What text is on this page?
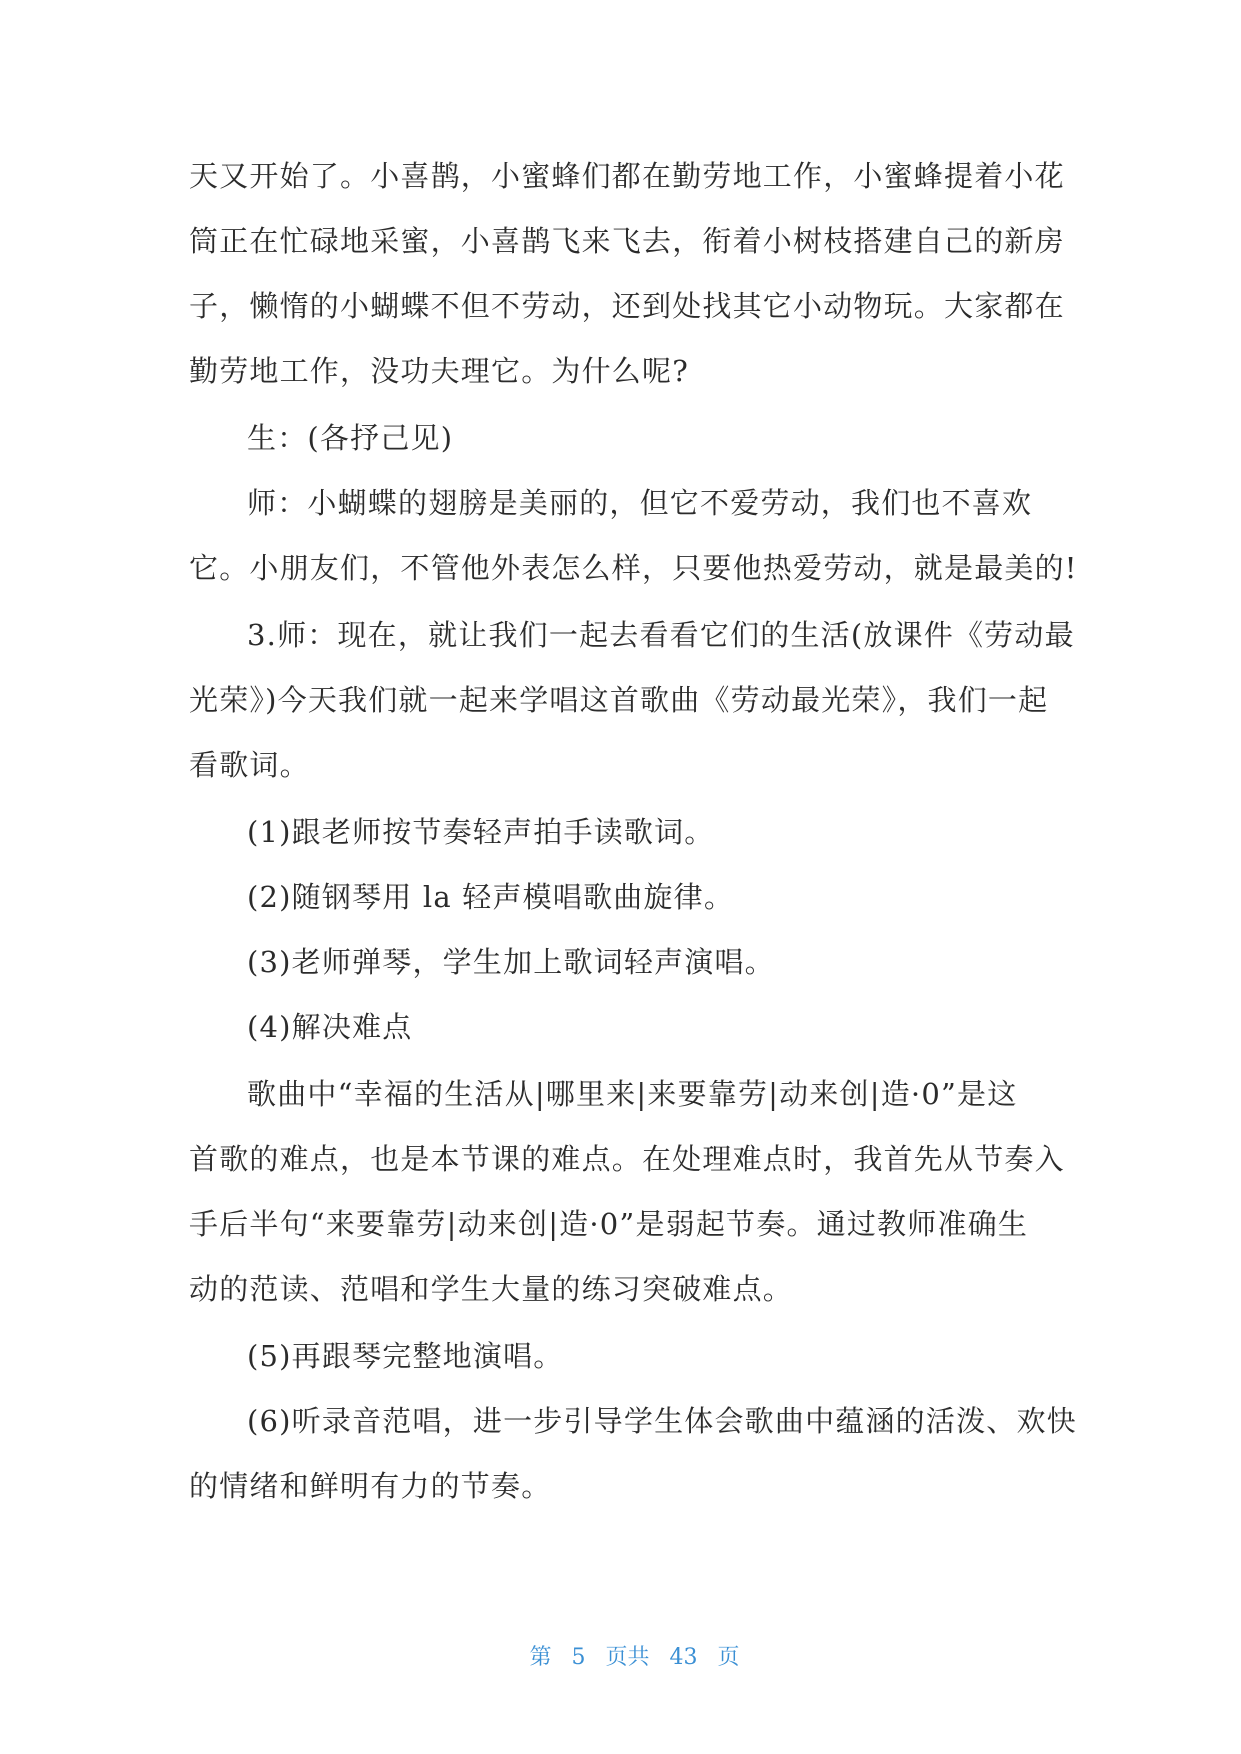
天又开始了。小喜鹊，小蜜蜂们都在勤劳地工作，小蜜蜂提着小花
筒正在忙碌地采蜜，小喜鹊飞来飞去，衔着小树枝搭建自己的新房
子，懒惰的小蝴蝶不但不劳动，还到处找其它小动物玩。大家都在
勤劳地工作，没功夫理它。为什么呢?
生：(各抒己见)
师：小蝴蝶的翅膀是美丽的，但它不爱劳动，我们也不喜欢
它。小朋友们，不管他外表怎么样，只要他热爱劳动，就是最美的!
3.师：现在，就让我们一起去看看它们的生活(放课件《劳动最
光荣》)今天我们就一起来学唱这首歌曲《劳动最光荣》，我们一起
看歌词。
(1)跟老师按节奏轻声拍手读歌词。
(2)随钢琴用 la 轻声模唱歌曲旋律。
(3)老师弹琴，学生加上歌词轻声演唱。
(4)解决难点
歌曲中“幸福的生活从|哪里来|来要靠劳|动来创|造·0”是这
首歌的难点，也是本节课的难点。在处理难点时，我首先从节奏入
手后半句“来要靠劳|动来创|造·0”是弱起节奏。通过教师准确生
动的范读、范唱和学生大量的练习突破难点。
(5)再跟琴完整地演唱。
(6)听录音范唱，进一步引导学生体会歌曲中蕴涵的活泼、欢快
的情绪和鲜明有力的节奏。

第 5 页共 43 页
